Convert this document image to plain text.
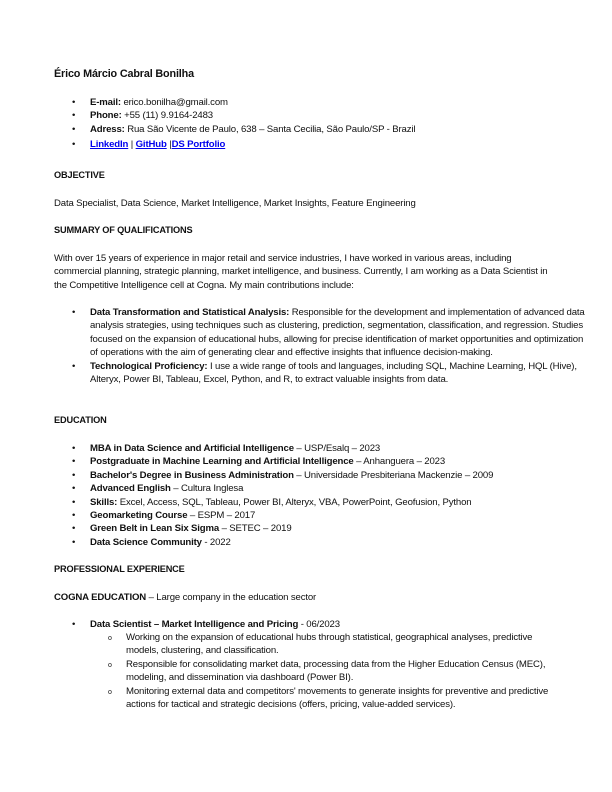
Érico Márcio Cabral Bonilha
• E-mail: erico.bonilha@gmail.com
• Phone: +55 (11) 9.9164-2483
• Adress: Rua São Vicente de Paulo, 638 – Santa Cecilia, São Paulo/SP - Brazil
• LinkedIn | GitHub |DS Portfolio
OBJECTIVE
Data Specialist, Data Science, Market Intelligence, Market Insights, Feature Engineering
SUMMARY OF QUALIFICATIONS
With over 15 years of experience in major retail and service industries, I have worked in various areas, including commercial planning, strategic planning, market intelligence, and business. Currently, I am working as a Data Scientist in the Competitive Intelligence cell at Cogna. My main contributions include:
• Data Transformation and Statistical Analysis: Responsible for the development and implementation of advanced data analysis strategies, using techniques such as clustering, prediction, segmentation, classification, and regression. Studies focused on the expansion of educational hubs, allowing for precise identification of market opportunities and optimization of operations with the aim of generating clear and effective insights that influence decision-making.
• Technological Proficiency: I use a wide range of tools and languages, including SQL, Machine Learning, HQL (Hive), Alteryx, Power BI, Tableau, Excel, Python, and R, to extract valuable insights from data.
EDUCATION
• MBA in Data Science and Artificial Intelligence – USP/Esalq – 2023
• Postgraduate in Machine Learning and Artificial Intelligence – Anhanguera – 2023
• Bachelor's Degree in Business Administration – Universidade Presbiteriana Mackenzie – 2009
• Advanced English – Cultura Inglesa
• Skills: Excel, Access, SQL, Tableau, Power BI, Alteryx, VBA, PowerPoint, Geofusion, Python
• Geomarketing Course – ESPM – 2017
• Green Belt in Lean Six Sigma – SETEC – 2019
• Data Science Community - 2022
PROFESSIONAL EXPERIENCE
COGNA EDUCATION – Large company in the education sector
• Data Scientist – Market Intelligence and Pricing - 06/2023
o Working on the expansion of educational hubs through statistical, geographical analyses, predictive models, clustering, and classification.
o Responsible for consolidating market data, processing data from the Higher Education Census (MEC), modeling, and dissemination via dashboard (Power BI).
o Monitoring external data and competitors' movements to generate insights for preventive and predictive actions for tactical and strategic decisions (offers, pricing, value-added services).
